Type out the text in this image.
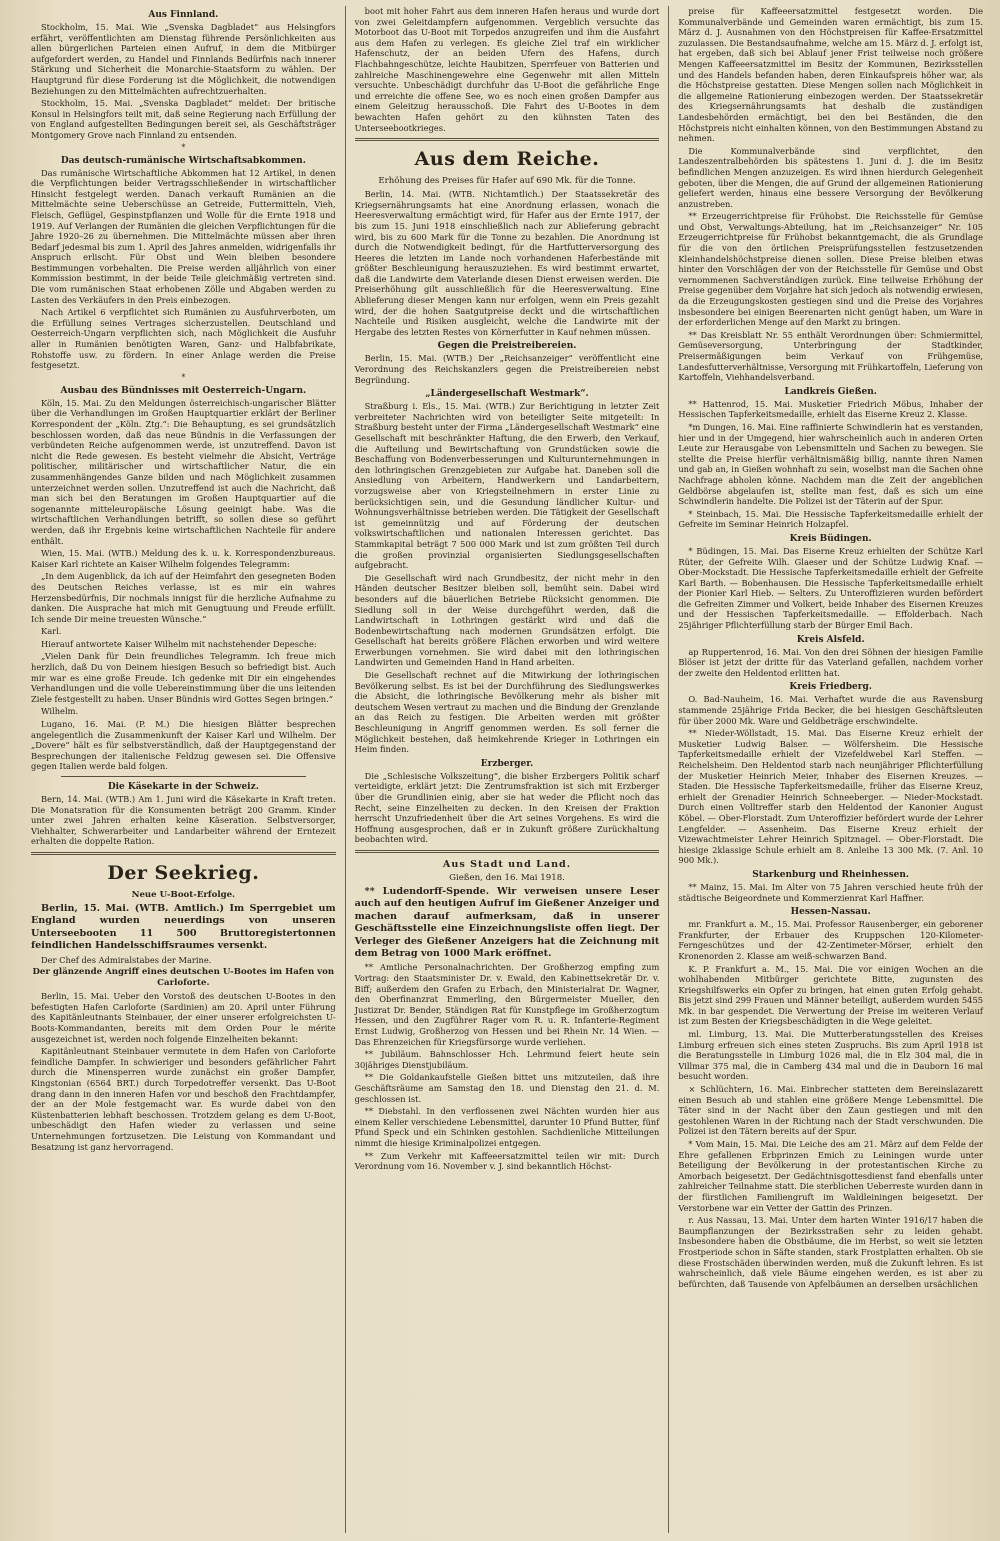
Aus Finnland.

Stockholm, 15. Mai. Wie „Svenska Dagbladet“ aus Helsingfors erfährt, veröffentlichten am Dienstag führende Persönlichkeiten aus allen bürgerlichen Parteien einen Aufruf, in dem die Mitbürger aufgefordert werden, zu Handel und Finnlands Bedürfnis nach innerer Stärkung und Sicherheit die Monarchie-Staatsform zu wählen. Der Hauptgrund für diese Forderung ist die Möglichkeit, die notwendigen Beziehungen zu den Mittelmächten aufrechtzuerhalten.

Stockholm, 15. Mai. „Svenska Dagbladet“ meldet: Der britische Konsul in Helsingfors teilt mit, daß seine Regierung nach Erfüllung der von England aufgestellten Bedingungen bereit sei, als Geschäftsträger Montgomery Grove nach Finnland zu entsenden.

*
Das deutsch-rumänische Wirtschaftsabkommen.

Das rumänische Wirtschaftliche Abkommen hat 12 Artikel, in denen die Verpflichtungen beider Vertragsschließender in wirtschaftlicher Hinsicht festgelegt werden. Danach verkauft Rumänien an die Mittelmächte seine Ueberschüsse an Getreide, Futtermitteln, Vieh, Fleisch, Geflügel, Gespinstpflanzen und Wolle für die Ernte 1918 und 1919. Auf Verlangen der Rumänien die gleichen Verpflichtungen für die Jahre 1920–26 zu übernehmen. Die Mittelmächte müssen aber ihren Bedarf jedesmal bis zum 1. April des Jahres anmelden, widrigenfalls ihr Anspruch erlischt. Für Obst und Wein bleiben besondere Bestimmungen vorbehalten. Die Preise werden alljährlich von einer Kommission bestimmt, in der beide Teile gleichmäßig vertreten sind. Die vom rumänischen Staat erhobenen Zölle und Abgaben werden zu Lasten des Verkäufers in den Preis einbezogen.

Nach Artikel 6 verpflichtet sich Rumänien zu Ausfuhrverboten, um die Erfüllung seines Vertrages sicherzustellen. Deutschland und Oesterreich-Ungarn verpflichten sich, nach Möglichkeit die Ausfuhr aller in Rumänien benötigten Waren, Ganz- und Halbfabrikate, Rohstoffe usw. zu fördern. In einer Anlage werden die Preise festgesetzt.

*
Ausbau des Bündnisses mit Oesterreich-Ungarn.

Köln, 15. Mai. Zu den Meldungen österreichisch-ungarischer Blätter über die Verhandlungen im Großen Hauptquartier erklärt der Berliner Korrespondent der „Köln. Ztg.“: Die Behauptung, es sei grundsätzlich beschlossen worden, daß das neue Bündnis in die Verfassungen der verbündeten Reiche aufgenommen werde, ist unzutreffend. Davon ist nicht die Rede gewesen. Es besteht vielmehr die Absicht, Verträge politischer, militärischer und wirtschaftlicher Natur, die ein zusammenhängendes Ganze bilden und nach Möglichkeit zusammen unterzeichnet werden sollen. Unzutreffend ist auch die Nachricht, daß man sich bei den Beratungen im Großen Hauptquartier auf die sogenannte mitteleuropäische Lösung geeinigt habe. Was die wirtschaftlichen Verhandlungen betrifft, so sollen diese so geführt werden, daß ihr Ergebnis keine wirtschaftlichen Nachteile für andere enthält.

Wien, 15. Mai. (WTB.) Meldung des k. u. k. Korrespondenzbureaus. Kaiser Karl richtete an Kaiser Wilhelm folgendes Telegramm:

„In dem Augenblick, da ich auf der Heimfahrt den gesegneten Boden des Deutschen Reiches verlasse, ist es mir ein wahres Herzensbedürfnis, Dir nochmals innigst für die herzliche Aufnahme zu danken. Die Ausprache hat mich mit Genugtuung und Freude erfüllt. Ich sende Dir meine treuesten Wünsche.“

Karl.

Hierauf antwortete Kaiser Wilhelm mit nachstehender Depesche:

„Vielen Dank für Dein freundliches Telegramm. Ich freue mich herzlich, daß Du von Deinem hiesigen Besuch so befriedigt bist. Auch mir war es eine große Freude. Ich gedenke mit Dir ein eingehendes Verhandlungen und die volle Uebereinstimmung über die uns leitenden Ziele festgestellt zu haben. Unser Bündnis wird Gottes Segen bringen.“

Wilhelm.

Lugano, 16. Mai. (P. M.) Die hiesigen Blätter besprechen angelegentlich die Zusammenkunft der Kaiser Karl und Wilhelm. Der „Dovere“ hält es für selbstverständlich, daß der Hauptgegenstand der Besprechungen der italienische Feldzug gewesen sei. Die Offensive gegen Italien werde bald folgen.

Die Käsekarte in der Schweiz.

Bern, 14. Mai. (WTB.) Am 1. Juni wird die Käsekarte in Kraft treten. Die Monatsration für die Konsumenten beträgt 200 Gramm. Kinder unter zwei Jahren erhalten keine Käseration. Selbstversorger, Viehhalter, Schwerarbeiter und Landarbeiter während der Erntezeit erhalten die doppelte Ration.

Der Seekrieg.
Neue U-Boot-Erfolge.

Berlin, 15. Mai. (WTB. Amtlich.) Im Sperrgebiet um England wurden neuerdings von unseren Unterseebooten 11 500 Bruttoregistertonnen feindlichen Handelsschiffsraumes versenkt.

Der Chef des Admiralstabes der Marine.

Der glänzende Angriff eines deutschen U-Bootes im Hafen von Carloforte.

Berlin, 15. Mai. Ueber den Vorstoß des deutschen U-Bootes in den befestigten Hafen Carloforte (Sardinien) am 20. April unter Führung des Kapitänleutnants Steinbauer, der einer unserer erfolgreichsten U-Boots-Kommandanten, bereits mit dem Orden Pour le mérite ausgezeichnet ist, werden noch folgende Einzelheiten bekannt:

Kapitänleutnant Steinbauer vermutete in dem Hafen von Carloforte feindliche Dampfer. In schwieriger und besonders gefährlicher Fahrt durch die Minensperren wurde zunächst ein großer Dampfer, Kingstonian (6564 BRT.) durch Torpedotreffer versenkt. Das U-Boot drang dann in den inneren Hafen vor und beschoß den Frachtdampfer, der an der Mole festgemacht war. Es wurde dabei von den Küstenbatterien lebhaft beschossen. Trotzdem gelang es dem U-Boot, unbeschädigt den Hafen wieder zu verlassen und seine Unternehmungen fortzusetzen. Die Leistung von Kommandant und Besatzung ist ganz hervorragend.

boot mit hoher Fahrt aus dem inneren Hafen heraus und wurde dort von zwei Geleitdampfern aufgenommen. Vergeblich versuchte das Motorboot das U-Boot mit Torpedos anzugreifen und ihm die Ausfahrt aus dem Hafen zu verlegen. Es gleiche Ziel traf ein wirklicher Hafenschutz, der an beiden Ufern des Hafens, durch Flachbahngeschütze, leichte Haubitzen, Sperrfeuer von Batterien und zahlreiche Maschinengewehre eine Gegenwehr mit allen Mitteln versuchte. Unbeschädigt durchfuhr das U-Boot die gefährliche Enge und erreichte die offene See, wo es noch einen großen Dampfer aus einem Geleitzug herausschoß. Die Fahrt des U-Bootes in dem bewachten Hafen gehört zu den kühnsten Taten des Unterseebootkrieges.

Aus dem Reiche.
Erhöhung des Preises für Hafer auf 690 Mk. für die Tonne.

Berlin, 14. Mai. (WTB. Nichtamtlich.) Der Staatssekretär des Kriegsernährungsamts hat eine Anordnung erlassen, wonach die Heeresverwaltung ermächtigt wird, für Hafer aus der Ernte 1917, der bis zum 15. Juni 1918 einschließlich nach zur Ablieferung gebracht wird, bis zu 600 Mark für die Tonne zu bezahlen. Die Anordnung ist durch die Notwendigkeit bedingt, für die Hartfutterversorgung des Heeres die letzten im Lande noch vorhandenen Haferbestände mit größter Beschleunigung herauszuziehen. Es wird bestimmt erwartet, daß die Landwirte dem Vaterlande diesen Dienst erweisen werden. Die Preiserhöhung gilt ausschließlich für die Heeresverwaltung. Eine Ablieferung dieser Mengen kann nur erfolgen, wenn ein Preis gezahlt wird, der die hohen Saatgutpreise deckt und die wirtschaftlichen Nachteile und Risiken ausgleicht, welche die Landwirte mit der Hergabe des letzten Restes von Körnerfutter in Kauf nehmen müssen.

Gegen die Preistreibereien.

Berlin, 15. Mai. (WTB.) Der „Reichsanzeiger“ veröffentlicht eine Verordnung des Reichskanzlers gegen die Preistreibereien nebst Begründung.

„Ländergesellschaft Westmark“.

Straßburg i. Els., 15. Mai. (WTB.) Zur Berichtigung in letzter Zeit verbreiteter Nachrichten wird von beteiligter Seite mitgeteilt: In Straßburg besteht unter der Firma „Ländergesellschaft Westmark“ eine Gesellschaft mit beschränkter Haftung, die den Erwerb, den Verkauf, die Aufteilung und Bewirtschaftung von Grundstücken sowie die Beschaffung von Bodenverbesserungen und Kulturunternehmungen in den lothringischen Grenzgebieten zur Aufgabe hat. Daneben soll die Ansiedlung von Arbeitern, Handwerkern und Landarbeitern, vorzugsweise aber von Kriegsteilnehmern in erster Linie zu berücksichtigen sein, und die Gesundung ländlicher Kultur- und Wohnungsverhältnisse betrieben werden. Die Tätigkeit der Gesellschaft ist gemeinnützig und auf Förderung der deutschen volkswirtschaftlichen und nationalen Interessen gerichtet. Das Stammkapital beträgt 7 500 000 Mark und ist zum größten Teil durch die großen provinzial organisierten Siedlungsgesellschaften aufgebracht.

Die Gesellschaft wird nach Grundbesitz, der nicht mehr in den Händen deutscher Besitzer bleiben soll, bemüht sein. Dabei wird besonders auf die bäuerlichen Betriebe Rücksicht genommen. Die Siedlung soll in der Weise durchgeführt werden, daß die Landwirtschaft in Lothringen gestärkt wird und daß die Bodenbewirtschaftung nach modernen Grundsätzen erfolgt. Die Gesellschaft hat bereits größere Flächen erworben und wird weitere Erwerbungen vornehmen. Sie wird dabei mit den lothringischen Landwirten und Gemeinden Hand in Hand arbeiten.

Die Gesellschaft rechnet auf die Mitwirkung der lothringischen Bevölkerung selbst. Es ist bei der Durchführung des Siedlungswerkes die Absicht, die lothringische Bevölkerung mehr als bisher mit deutschem Wesen vertraut zu machen und die Bindung der Grenzlande an das Reich zu festigen. Die Arbeiten werden mit größter Beschleunigung in Angriff genommen werden. Es soll ferner die Möglichkeit bestehen, daß heimkehrende Krieger in Lothringen ein Heim finden.

Erzberger.

Die „Schlesische Volkszeitung“, die bisher Erzbergers Politik scharf verteidigte, erklärt jetzt: Die Zentrumsfraktion ist sich mit Erzberger über die Grundlinien einig, aber sie hat weder die Pflicht noch das Recht, seine Einzelheiten zu decken. In den Kreisen der Fraktion herrscht Unzufriedenheit über die Art seines Vorgehens. Es wird die Hoffnung ausgesprochen, daß er in Zukunft größere Zurückhaltung beobachten wird.

Aus Stadt und Land.
Gießen, den 16. Mai 1918.

** Ludendorff-Spende. Wir verweisen unsere Leser auch auf den heutigen Aufruf im Gießener Anzeiger und machen darauf aufmerksam, daß in unserer Geschäftsstelle eine Einzeichnungsliste offen liegt. Der Verleger des Gießener Anzeigers hat die Zeichnung mit dem Betrag von 1000 Mark eröffnet.

** Amtliche Personalnachrichten. Der Großherzog empfing zum Vortrag: den Staatsminister Dr. v. Ewald, den Kabinettsekretär Dr. v. Biff; außerdem den Grafen zu Erbach, den Ministerialrat Dr. Wagner, den Oberfinanzrat Emmerling, den Bürgermeister Mueller, den Justizrat Dr. Bender, Ständigen Rat für Kunstpflege im Großherzogtum Hessen, und den Zugführer Rager vom R. u. R. Infanterie-Regiment Ernst Ludwig, Großherzog von Hessen und bei Rhein Nr. 14 Wien. — Das Ehrenzeichen für Kriegsfürsorge wurde verliehen.

** Jubiläum. Bahnschlosser Hch. Lehrmund feiert heute sein 30jähriges Dienstjubiläum.

** Die Goldankaufstelle Gießen bittet uns mitzuteilen, daß ihre Geschäftsräume am Samstag den 18. und Dienstag den 21. d. M. geschlossen ist.

** Diebstahl. In den verflossenen zwei Nächten wurden hier aus einem Keller verschiedene Lebensmittel, darunter 10 Pfund Butter, fünf Pfund Speck und ein Schinken gestohlen. Sachdienliche Mitteilungen nimmt die hiesige Kriminalpolizei entgegen.

** Zum Verkehr mit Kaffeeersatzmittel teilen wir mit: Durch Verordnung vom 16. November v. J. sind bekanntlich Höchst-

preise für Kaffeeersatzmittel festgesetzt worden. Die Kommunalverbände und Gemeinden waren ermächtigt, bis zum 15. März d. J. Ausnahmen von den Höchstpreisen für Kaffee-Ersatzmittel zuzulassen. Die Bestandsaufnahme, welche am 15. März d. J. erfolgt ist, hat ergeben, daß sich bei Ablauf jener Frist teilweise noch größere Mengen Kaffeeersatzmittel im Besitz der Kommunen, Bezirksstellen und des Handels befanden haben, deren Einkaufspreis höher war, als die Höchstpreise gestatten. Diese Mengen sollen nach Möglichkeit in die allgemeine Rationierung einbezogen werden. Der Staatssekretär des Kriegsernährungsamts hat deshalb die zuständigen Landesbehörden ermächtigt, bei den bei Beständen, die den Höchstpreis nicht einhalten können, von den Bestimmungen Abstand zu nehmen.

Die Kommunalverbände sind verpflichtet, den Landeszentralbehörden bis spätestens 1. Juni d. J. die im Besitz befindlichen Mengen anzuzeigen. Es wird ihnen hierdurch Gelegenheit geboten, über die Mengen, die auf Grund der allgemeinen Rationierung geliefert werden, hinaus eine bessere Versorgung der Bevölkerung anzustreben.

** Erzeugerrichtpreise für Frühobst. Die Reichsstelle für Gemüse und Obst, Verwaltungs-Abteilung, hat im „Reichsanzeiger“ Nr. 105 Erzeugerrichtpreise für Frühobst bekanntgemacht, die als Grundlage für die von den örtlichen Preisprüfungsstellen festzusetzenden Kleinhandelshöchstpreise dienen sollen. Diese Preise bleiben etwas hinter den Vorschlägen der von der Reichsstelle für Gemüse und Obst vernommenen Sachverständigen zurück. Eine teilweise Erhöhung der Preise gegenüber dem Vorjahre hat sich jedoch als notwendig erwiesen, da die Erzeugungskosten gestiegen sind und die Preise des Vorjahres insbesondere bei einigen Beerenarten nicht genügt haben, um Ware in der erforderlichen Menge auf den Markt zu bringen.

** Das Kreisblatt Nr. 55 enthält Verordnungen über: Schmiermittel, Gemüseversorgung, Unterbringung der Stadtkinder, Preisermäßigungen beim Verkauf von Frühgemüse, Landesfutterverhältnisse, Versorgung mit Frühkartoffeln, Lieferung von Kartoffeln, Viehhandelsverband.

Landkreis Gießen.

** Hattenrod, 15. Mai. Musketier Friedrich Möbus, Inhaber der Hessischen Tapferkeitsmedaille, erhielt das Eiserne Kreuz 2. Klasse.

*m Dungen, 16. Mai. Eine raffinierte Schwindlerin hat es verstanden, hier und in der Umgegend, hier wahrscheinlich auch in anderen Orten Leute zur Herausgabe von Lebensmitteln und Sachen zu bewegen. Sie stellte die Preise hierfür verhältnismäßig billig, nannte ihren Namen und gab an, in Gießen wohnhaft zu sein, woselbst man die Sachen ohne Nachfrage abholen könne. Nachdem man die Zeit der angeblichen Geldbörse abgelaufen ist, stellte man fest, daß es sich um eine Schwindlerin handelte. Die Polizei ist der Täterin auf der Spur.

* Steinbach, 15. Mai. Die Hessische Tapferkeitsmedaille erhielt der Gefreite im Seminar Heinrich Holzapfel.

Kreis Büdingen.

* Büdingen, 15. Mai. Das Eiserne Kreuz erhielten der Schütze Karl Rüter, der Gefreite Wilh. Glaeser und der Schütze Ludwig Knaf. — Ober-Mockstadt. Die Hessische Tapferkeitsmedaille erhielt der Gefreite Karl Barth. — Bobenhausen. Die Hessische Tapferkeitsmedaille erhielt der Pionier Karl Hieb. — Selters. Zu Unteroffizieren wurden befördert die Gefreiten Zimmer und Volkert, beide Inhaber des Eisernen Kreuzes und der Hessischen Tapferkeitsmedaille. — Effolderbach. Nach 25jähriger Pflichterfüllung starb der Bürger Emil Bach.

Kreis Alsfeld.

ap Ruppertenrod, 16. Mai. Von den drei Söhnen der hiesigen Familie Blöser ist jetzt der dritte für das Vaterland gefallen, nachdem vorher der zweite den Heldentod erlitten hat.

Kreis Friedberg.

O. Bad-Nauheim, 16. Mai. Verhaftet wurde die aus Ravensburg stammende 25jährige Frida Becker, die bei hiesigen Geschäftsleuten für über 2000 Mk. Ware und Geldbeträge erschwindelte.

** Nieder-Wöllstadt, 15. Mai. Das Eiserne Kreuz erhielt der Musketier Ludwig Balser. — Wölfersheim. Die Hessische Tapferkeitsmedaille erhielt der Vizefeldwebel Karl Steffen. — Reichelsheim. Den Heldentod starb nach neunjähriger Pflichterfüllung der Musketier Heinrich Meier, Inhaber des Eisernen Kreuzes. — Staden. Die Hessische Tapferkeitsmedaille, früher das Eiserne Kreuz, erhielt der Grenadier Heinrich Schneeberger. — Nieder-Mockstadt. Durch einen Volltreffer starb den Heldentod der Kanonier August Köbel. — Ober-Florstadt. Zum Unteroffizier befördert wurde der Lehrer Lengfelder. — Assenheim. Das Eiserne Kreuz erhielt der Vizewachtmeister Lehrer Heinrich Spitznagel. — Ober-Florstadt. Die hiesige 2klassige Schule erhielt am 8. Anleihe 13 300 Mk. (7. Anl. 10 900 Mk.).

Starkenburg und Rheinhessen.

** Mainz, 15. Mai. Im Alter von 75 Jahren verschied heute früh der städtische Beigeordnete und Kommerzienrat Karl Haffner.

Hessen-Nassau.

mr. Frankfurt a. M., 15. Mai. Professor Rausenberger, ein geborener Frankfurter, der Erbauer des Kruppschen 120-Kilometer-Ferngeschützes und der 42-Zentimeter-Mörser, erhielt den Kronenorden 2. Klasse am weiß-schwarzen Band.

K. P. Frankfurt a. M., 15. Mai. Die vor einigen Wochen an die wohlhabenden Mitbürger gerichtete Bitte, zugunsten des Kriegshilfswerks ein Opfer zu bringen, hat einen guten Erfolg gehabt. Bis jetzt sind 299 Frauen und Männer beteiligt, außerdem wurden 5455 Mk. in bar gespendet. Die Verwertung der Preise im weiteren Verlauf ist zum Besten der Kriegsbeschädigten in die Wege geleitet.

ml. Limburg, 13. Mai. Die Mutterberatungsstellen des Kreises Limburg erfreuen sich eines steten Zuspruchs. Bis zum April 1918 ist die Beratungsstelle in Limburg 1026 mal, die in Elz 304 mal, die in Villmar 375 mal, die in Camberg 434 mal und die in Dauborn 16 mal besucht worden.

× Schlüchtern, 16. Mai. Einbrecher statteten dem Bereinslazarett einen Besuch ab und stahlen eine größere Menge Lebensmittel. Die Täter sind in der Nacht über den Zaun gestiegen und mit den gestohlenen Waren in der Richtung nach der Stadt verschwunden. Die Polizei ist den Tätern bereits auf der Spur.

* Vom Main, 15. Mai. Die Leiche des am 21. März auf dem Felde der Ehre gefallenen Erbprinzen Emich zu Leiningen wurde unter Beteiligung der Bevölkerung in der protestantischen Kirche zu Amorbach beigesetzt. Der Gedächtnisgottesdienst fand ebenfalls unter zahlreicher Teilnahme statt. Die sterblichen Ueberreste wurden dann in der fürstlichen Familiengruft im Waldleiningen beigesetzt. Der Verstorbene war ein Vetter der Gattin des Prinzen.

r. Aus Nassau, 13. Mai. Unter dem harten Winter 1916/17 haben die Baumpflanzungen der Bezirksstraßen sehr zu leiden gehabt. Insbesondere haben die Obstbäume, die im Herbst, so weit sie letzten Frostperiode schon in Säfte standen, stark Frostplatten erhalten. Ob sie diese Frostschäden überwinden werden, muß die Zukunft lehren. Es ist wahrscheinlich, daß viele Bäume eingehen werden, es ist aber zu befürchten, daß Tausende von Apfelbäumen an derselben ursächlichen
